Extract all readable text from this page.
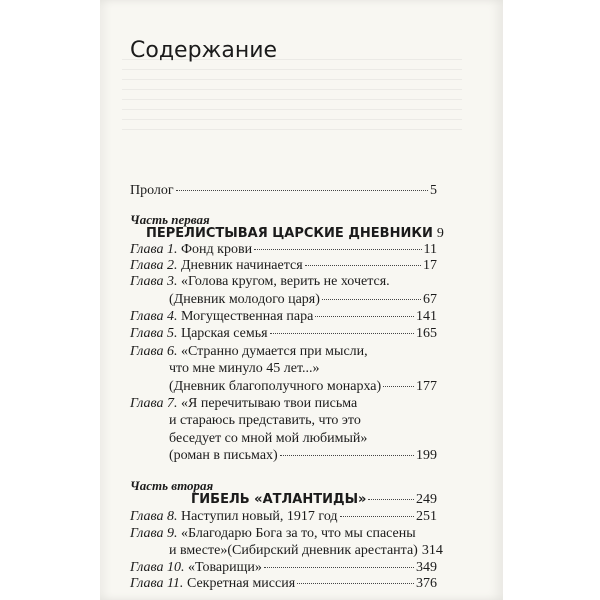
Содержание
Пролог	5
Часть первая
ПЕРЕЛИСТЫВАЯ ЦАРСКИЕ ДНЕВНИКИ 9
Глава 1. Фонд крови	11
Глава 2. Дневник начинается	17
Глава 3. «Голова кругом, верить не хочется.
(Дневник молодого царя)	67
Глава 4. Могущественная пара	141
Глава 5. Царская семья	165
Глава 6. «Странно думается при мысли,
что мне минуло 45 лет...»
(Дневник благополучного монарха) 177
Глава 7. «Я перечитываю твои письма
и стараюсь представить, что это
беседует со мной мой любимый»
(роман в письмах)	199
Часть вторая
ГИБЕЛЬ «АТЛАНТИДЫ»	249
Глава 8. Наступил новый, 1917 год	251
Глава 9. «Благодарю Бога за то, что мы спасены
и вместе»(Сибирский дневник арестанта) 314
Глава 10. «Товарищи»	349
Глава 11. Секретная миссия	376
